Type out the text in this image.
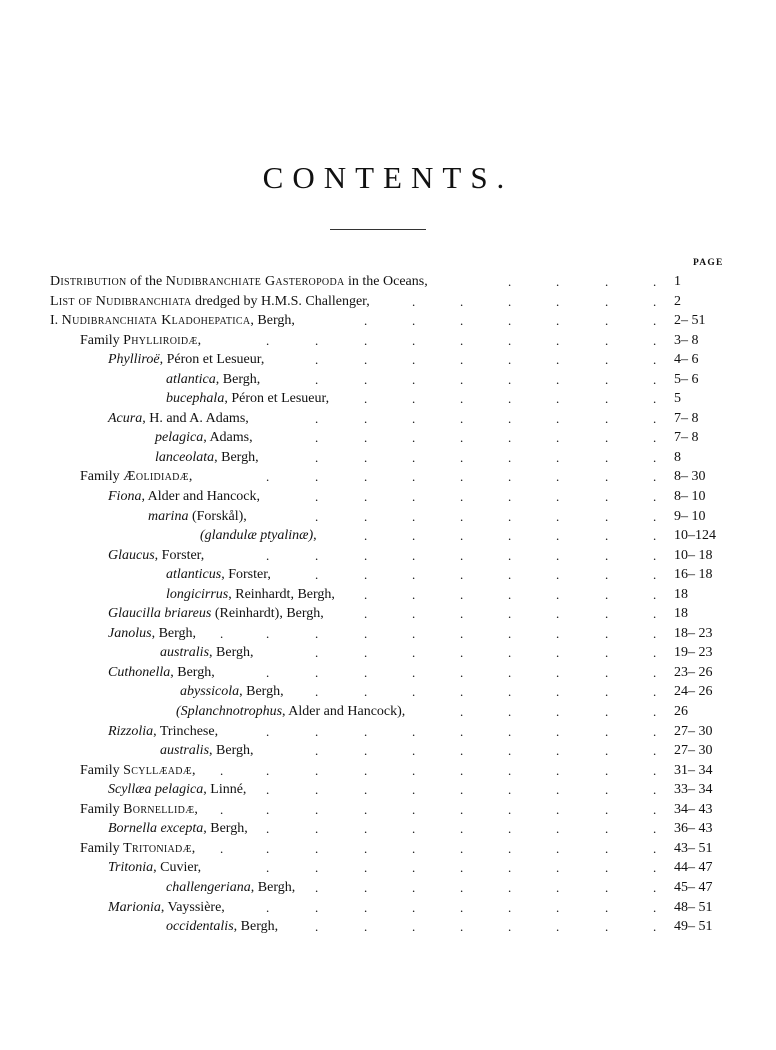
CONTENTS.
PAGE
Distribution of the Nudibranchiate Gasteropoda in the Oceans,	.	.	.	. 1
List of Nudibranchiata dredged by H.M.S. Challenger,	.	.	.	.	.	. 2
I. Nudibranchiata Kladohepatica, Bergh,	.	.	.	.	.	.	. 2– 51
Family Phylliroidæ,	.	.	.	.	.	.	.	.	. 3– 8
Phylliroë, Péron et Lesueur,	.	.	.	.	.	.	.	. 4– 6
atlantica, Bergh,	.	.	.	.	.	.	.	. 5– 6
bucephala, Péron et Lesueur,	.	.	.	.	.	.	. 5
Acura, H. and A. Adams,	.	.	.	.	.	.	.	. 7– 8
pelagica, Adams,	.	.	.	.	.	.	.	. 7– 8
lanceolata, Bergh,	.	.	.	.	.	.	.	. 8
Family Æolidiadæ,	.	.	.	.	.	.	.	.	. 8– 30
Fiona, Alder and Hancock,	.	.	.	.	.	.	.	. 8– 10
marina (Forskål),	.	.	.	.	.	.	.	. 9– 10
(glandulæ ptyalinæ),	.	.	.	.	.	.	. 10–124
Glaucus, Forster,	.	.	.	.	.	.	.	.	. 10– 18
atlanticus, Forster,	.	.	.	.	.	.	.	. 16– 18
longicirrus, Reinhardt, Bergh, .	.	.	.	.	.	. 18
Glaucilla briareus (Reinhardt), Bergh,	.	.	.	.	.	.	. 18
Janolus, Bergh, .	.	.	.	.	.	.	.	.	. 18– 23
australis, Bergh,	.	.	.	.	.	.	.	. 19– 23
Cuthonella, Bergh,	.	.	.	.	.	.	.	.	. 23– 26
abyssicola, Bergh, .	.	.	.	.	.	.	. 24– 26
(Splanchnotrophus, Alder and Hancock),	.	.	.	.	. 26
Rizzolia, Trinchese,	.	.	.	.	.	.	.	.	. 27– 30
australis, Bergh,	.	.	.	.	.	.	.	. 27– 30
Family Scyllæadæ, .	.	.	.	.	.	.	.	.	. 31– 34
Scyllæa pelagica, Linné, .	.	.	.	.	.	.	.	. 33– 34
Family Bornellidæ, .	.	.	.	.	.	.	.	.	. 34– 43
Bornella excepta, Bergh, .	.	.	.	.	.	.	.	. 36– 43
Family Tritoniadæ, .	.	.	.	.	.	.	.	.	. 43– 51
Tritonia, Cuvier,	.	.	.	.	.	.	.	.	. 44– 47
challengeriana, Bergh, .	.	.	.	.	.	.	. 45– 47
Marionia, Vayssière,	.	.	.	.	.	.	.	.	. 48– 51
occidentalis, Bergh,	.	.	.	.	.	.	.	. 49– 51
